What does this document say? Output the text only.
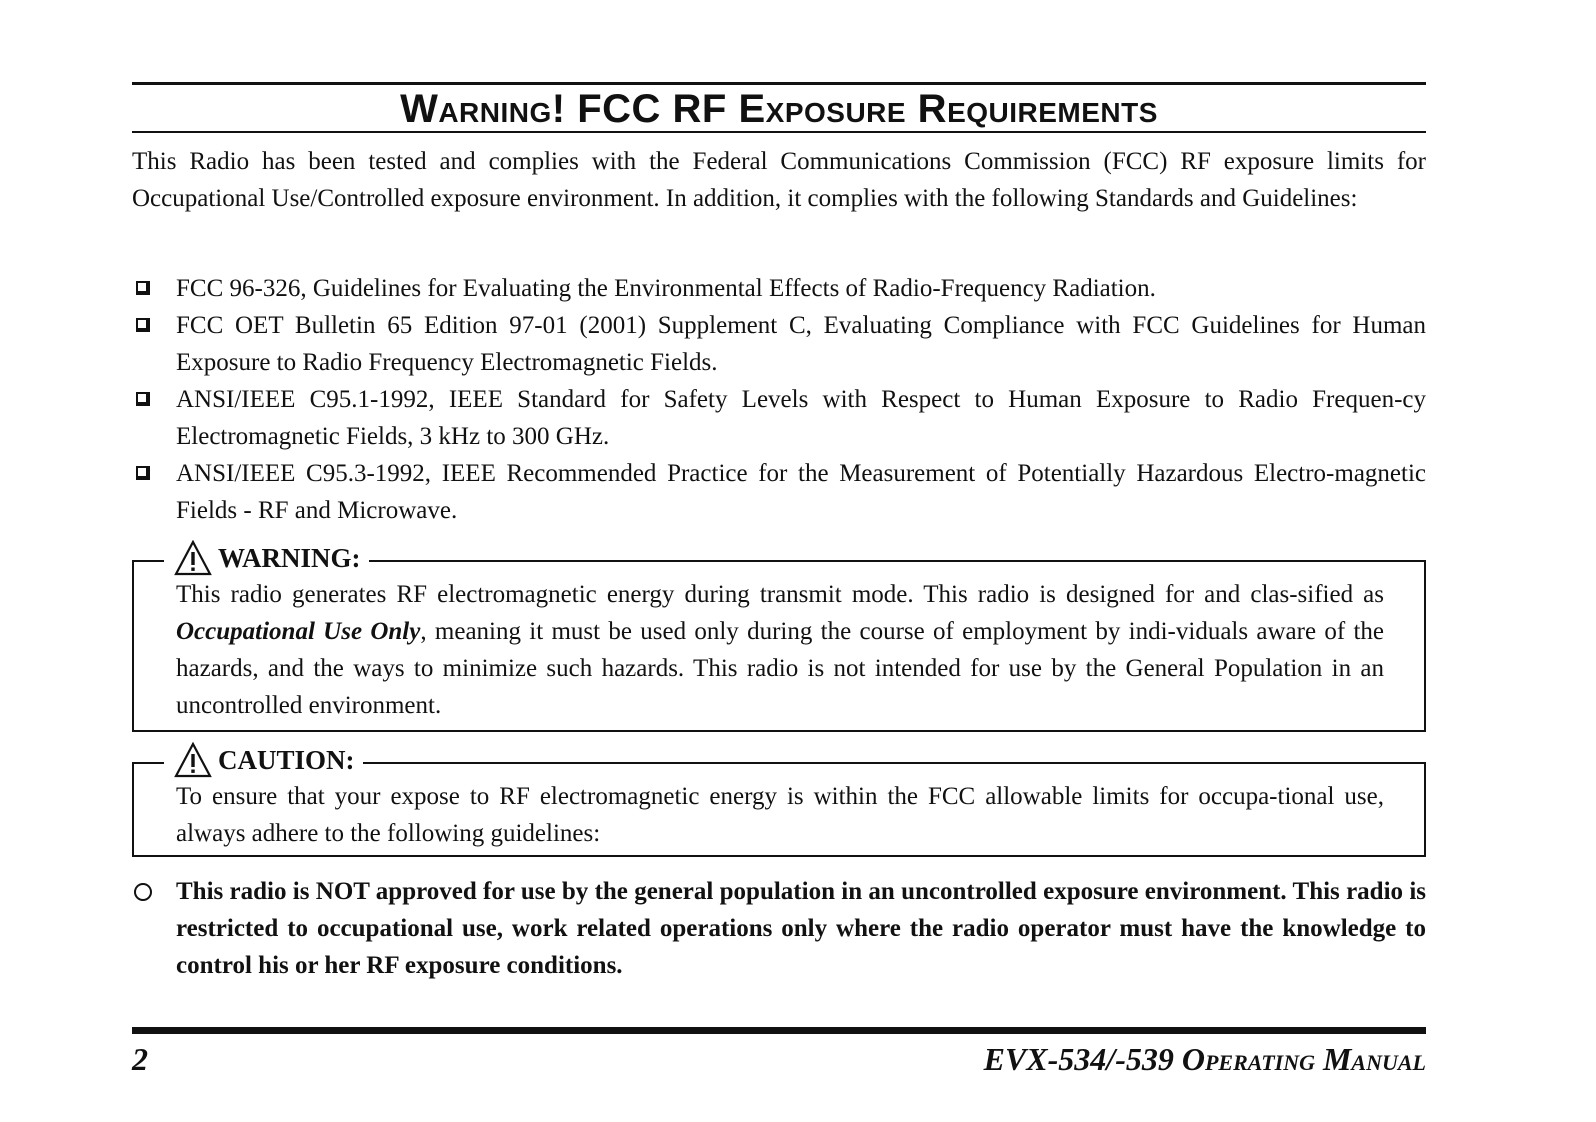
Warning! FCC RF Exposure Requirements

This Radio has been tested and complies with the Federal Communications Commission (FCC) RF exposure limits for Occupational Use/Controlled exposure environment. In addition, it complies with the following Standards and Guidelines:

FCC 96-326, Guidelines for Evaluating the Environmental Effects of Radio-Frequency Radiation.
FCC OET Bulletin 65 Edition 97-01 (2001) Supplement C, Evaluating Compliance with FCC Guidelines for Human Exposure to Radio Frequency Electromagnetic Fields.
ANSI/IEEE C95.1-1992, IEEE Standard for Safety Levels with Respect to Human Exposure to Radio Frequen-cy Electromagnetic Fields, 3 kHz to 300 GHz.
ANSI/IEEE C95.3-1992, IEEE Recommended Practice for the Measurement of Potentially Hazardous Electro-magnetic Fields - RF and Microwave.
WARNING:
This radio generates RF electromagnetic energy during transmit mode. This radio is designed for and clas-sified as Occupational Use Only, meaning it must be used only during the course of employment by indi-viduals aware of the hazards, and the ways to minimize such hazards. This radio is not intended for use by the General Population in an uncontrolled environment.
CAUTION:
To ensure that your expose to RF electromagnetic energy is within the FCC allowable limits for occupa-tional use, always adhere to the following guidelines:
This radio is NOT approved for use by the general population in an uncontrolled exposure environment. This radio is restricted to occupational use, work related operations only where the radio operator must have the knowledge to control his or her RF exposure conditions.
2	EVX-534/-539 Operating Manual
